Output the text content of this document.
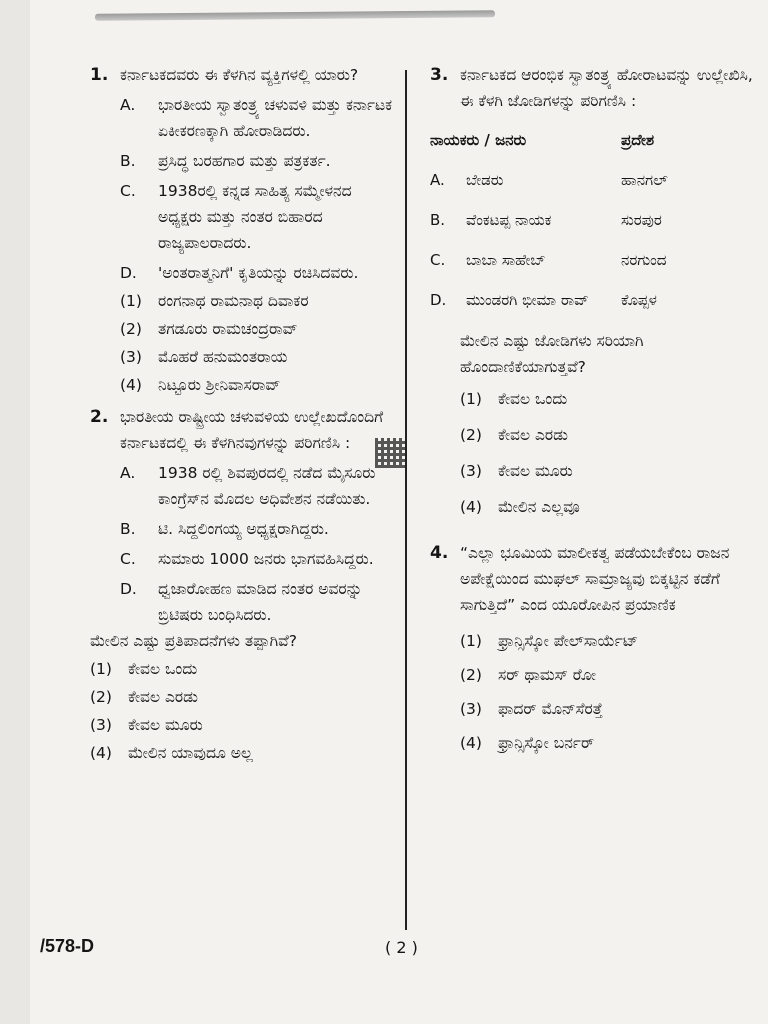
1. ಕರ್ನಾಟಕದವರು ಈ ಕೆಳಗಿನ ವ್ಯಕ್ತಿಗಳಲ್ಲಿ ಯಾರು?
A. ಭಾರತೀಯ ಸ್ವಾತಂತ್ರ್ಯ ಚಳುವಳಿ ಮತ್ತು ಕರ್ನಾಟಕ ಏಕೀಕರಣಕ್ಕಾಗಿ ಹೋರಾಡಿದರು.
B. ಪ್ರಸಿದ್ಧ ಬರಹಗಾರ ಮತ್ತು ಪತ್ರಕರ್ತ.
C. 1938ರಲ್ಲಿ ಕನ್ನಡ ಸಾಹಿತ್ಯ ಸಮ್ಮೇಳನದ ಅಧ್ಯಕ್ಷರು ಮತ್ತು ನಂತರ ಬಿಹಾರದ ರಾಜ್ಯಪಾಲರಾದರು.
D. 'ಅಂತರಾತ್ಮನಿಗೆ' ಕೃತಿಯನ್ನು ರಚಿಸಿದವರು.
(1) ರಂಗನಾಥ ರಾಮನಾಥ ದಿವಾಕರ
(2) ತಗಡೂರು ರಾಮಚಂದ್ರರಾವ್
(3) ಮೊಹರೆ ಹನುಮಂತರಾಯ
(4) ನಿಟ್ಟೂರು ಶ್ರೀನಿವಾಸರಾವ್
2. ಭಾರತೀಯ ರಾಷ್ಟ್ರೀಯ ಚಳುವಳಿಯ ಉಲ್ಲೇಖದೊಂದಿಗೆ ಕರ್ನಾಟಕದಲ್ಲಿ ಈ ಕೆಳಗಿನವುಗಳನ್ನು ಪರಿಗಣಿಸಿ :
A. 1938 ರಲ್ಲಿ ಶಿವಪುರದಲ್ಲಿ ನಡೆದ ಮೈಸೂರು ಕಾಂಗ್ರೆಸ್‌ನ ಮೊದಲ ಅಧಿವೇಶನ ನಡೆಯಿತು.
B. ಟಿ. ಸಿದ್ದಲಿಂಗಯ್ಯ ಅಧ್ಯಕ್ಷರಾಗಿದ್ದರು.
C. ಸುಮಾರು 1000 ಜನರು ಭಾಗವಹಿಸಿದ್ದರು.
D. ಧ್ವಜಾರೋಹಣ ಮಾಡಿದ ನಂತರ ಅವರನ್ನು ಬ್ರಿಟಿಷರು ಬಂಧಿಸಿದರು.
ಮೇಲಿನ ಎಷ್ಟು ಪ್ರತಿಪಾದನೆಗಳು ತಪ್ಪಾಗಿವೆ?
(1) ಕೇವಲ ಒಂದು
(2) ಕೇವಲ ಎರಡು
(3) ಕೇವಲ ಮೂರು
(4) ಮೇಲಿನ ಯಾವುದೂ ಅಲ್ಲ
3. ಕರ್ನಾಟಕದ ಆರಂಭಿಕ ಸ್ವಾತಂತ್ರ್ಯ ಹೋರಾಟವನ್ನು ಉಲ್ಲೇಖಿಸಿ, ಈ ಕೆಳಗಿ ಜೋಡಿಗಳನ್ನು ಪರಿಗಣಿಸಿ :
ನಾಯಕರು / ಜನರು		ಪ್ರದೇಶ
A.	ಬೇಡರು	ಹಾನಗಲ್
B.	ವೆಂಕಟಪ್ಪ ನಾಯಕ	ಸುರಪುರ
C.	ಬಾಬಾ ಸಾಹೇಬ್	ನರಗುಂದ
D.	ಮುಂಡರಗಿ ಭೀಮಾ ರಾವ್	ಕೊಪ್ಪಳ
ಮೇಲಿನ ಎಷ್ಟು ಜೋಡಿಗಳು ಸರಿಯಾಗಿ ಹೊಂದಾಣಿಕೆಯಾಗುತ್ತವೆ?
(1) ಕೇವಲ ಒಂದು
(2) ಕೇವಲ ಎರಡು
(3) ಕೇವಲ ಮೂರು
(4) ಮೇಲಿನ ಎಲ್ಲವೂ
4. “ಎಲ್ಲಾ ಭೂಮಿಯ ಮಾಲೀಕತ್ವ ಪಡೆಯಬೇಕೆಂಬ ರಾಜನ ಅಪೇಕ್ಷೆಯಿಂದ ಮುಘಲ್ ಸಾಮ್ರಾಜ್ಯವು ಬಿಕ್ಕಟ್ಟಿನ ಕಡೆಗೆ ಸಾಗುತ್ತಿದೆ” ಎಂದ ಯೂರೋಪಿನ ಪ್ರಯಾಣಿಕ
(1) ಫ್ರಾನ್ಸಿಸ್ಕೋ ಪೇಲ್‌ಸಾರ್ಯೆಟ್
(2) ಸರ್ ಥಾಮಸ್ ರೋ
(3) ಫಾದರ್ ಮೊನ್‌ಸೆರತ್ತೆ
(4) ಫ್ರಾನ್ಸಿಸ್ಕೋ ಬರ್ನರ್
/578-D	( 2 )
